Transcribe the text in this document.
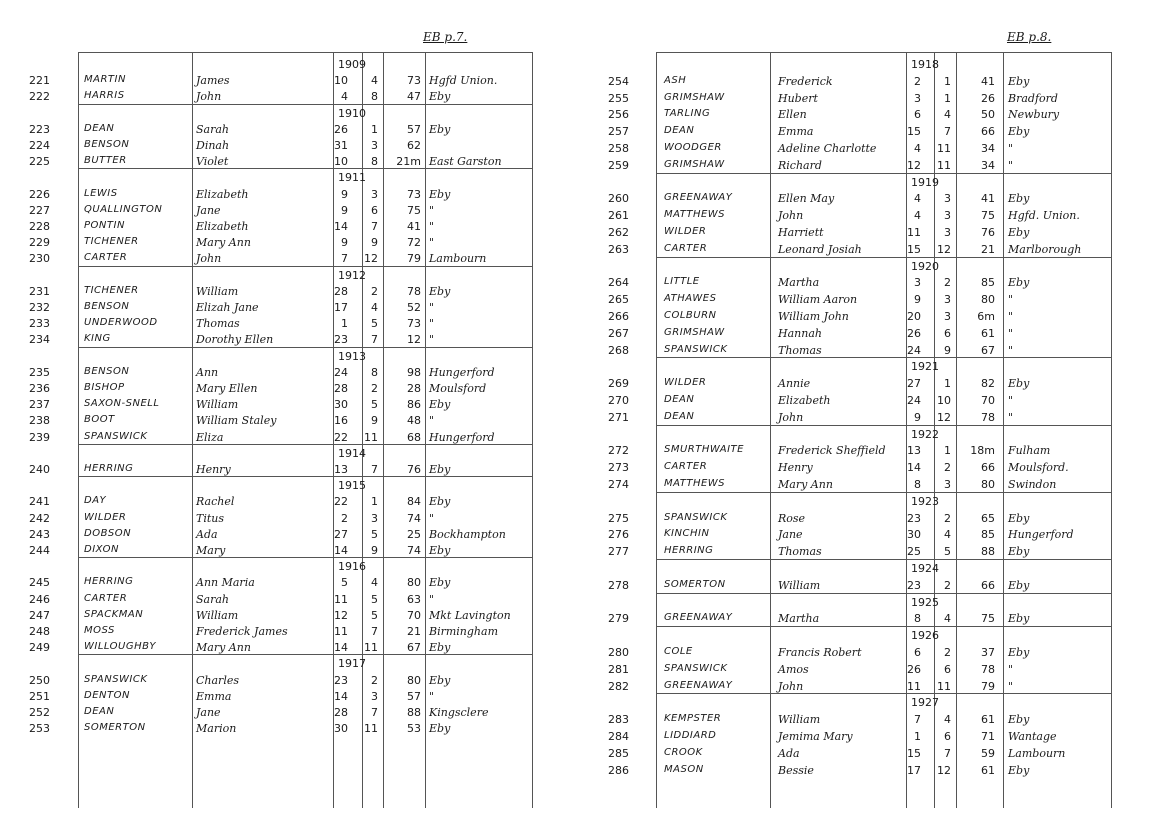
EB p.7.
1909
221	MARTIN	James	10	4	73 Hgfd Union.
222	HARRIS	John	4	8	47 Eby
1910
223	DEAN	Sarah	26	1	57 Eby
224	BENSON	Dinah	31	3	62
225	BUTTER	Violet	10	8 21m East Garston
1911
226	LEWIS	Elizabeth	9	3	73 Eby
227	QUALLINGTON	Jane	9	6	75 "
228	PONTIN	Elizabeth	14	7	41 "
229	TICHENER	Mary Ann	9	9	72 "
230	CARTER	John	7 12	79 Lambourn
1912
231	TICHENER	William	28	2	78 Eby
232	BENSON	Elizah Jane	17	4	52 "
233	UNDERWOOD	Thomas	1	5	73 "
234	KING	Dorothy Ellen	23	7	12 "
1913
235	BENSON	Ann	24	8	98 Hungerford
236	BISHOP	Mary Ellen	28	2	28 Moulsford
237	SAXON-SNELL	William	30	5	86 Eby
238	BOOT	William Staley	16	9	48 "
239	SPANSWICK	Eliza	22 11	68 Hungerford
1914
240	HERRING	Henry	13	7	76 Eby
1915
241	DAY	Rachel	22	1	84 Eby
242	WILDER	Titus	2	3	74 "
243	DOBSON	Ada	27	5	25 Bockhampton
244	DIXON	Mary	14	9	74 Eby
1916
245	HERRING	Ann Maria	5	4	80 Eby
246	CARTER	Sarah	11	5	63 "
247	SPACKMAN	William	12	5	70 Mkt Lavington
248	MOSS	Frederick James	11	7	21 Birmingham
249	WILLOUGHBY	Mary Ann	14 11	67 Eby
1917
250	SPANSWICK	Charles	23	2	80 Eby
251	DENTON	Emma	14	3	57 "
252	DEAN	Jane	28	7	88 Kingsclere
253	SOMERTON	Marion	30 11	53 Eby
EB p.8.
1918
254	ASH	Frederick	2	1	41 Eby
255	GRIMSHAW	Hubert	3	1	26 Bradford
256	TARLING	Ellen	6	4	50 Newbury
257	DEAN	Emma	15	7	66 Eby
258	WOODGER	Adeline Charlotte	4 11	34 "
259	GRIMSHAW	Richard	12 11	34 "
1919
260	GREENAWAY	Ellen May	4	3	41 Eby
261	MATTHEWS	John	4	3	75 Hgfd. Union.
262	WILDER	Harriett	11	3	76 Eby
263	CARTER	Leonard Josiah	15 12	21 Marlborough
1920
264	LITTLE	Martha	3	2	85 Eby
265	ATHAWES	William Aaron	9	3	80 "
266	COLBURN	William John	20	3	6m "
267	GRIMSHAW	Hannah	26	6	61 "
268	SPANSWICK	Thomas	24	9	67 "
1921
269	WILDER	Annie	27	1	82 Eby
270	DEAN	Elizabeth	24 10	70 "
271	DEAN	John	9 12	78 "
1922
272	SMURTHWAITE	Frederick Sheffield	13	1 18m Fulham
273	CARTER	Henry	14	2	66 Moulsford.
274	MATTHEWS	Mary Ann	8	3	80 Swindon
1923
275	SPANSWICK	Rose	23	2	65 Eby
276	KINCHIN	Jane	30	4	85 Hungerford
277	HERRING	Thomas	25	5	88 Eby
1924
278	SOMERTON	William	23	2	66 Eby
1925
279	GREENAWAY	Martha	8	4	75 Eby
1926
280	COLE	Francis Robert	6	2	37 Eby
281	SPANSWICK	Amos	26	6	78 "
282	GREENAWAY	John	11 11	79 "
1927
283	KEMPSTER	William	7	4	61 Eby
284	LIDDIARD	Jemima Mary	1	6	71 Wantage
285	CROOK	Ada	15	7	59 Lambourn
286	MASON	Bessie	17 12	61 Eby
